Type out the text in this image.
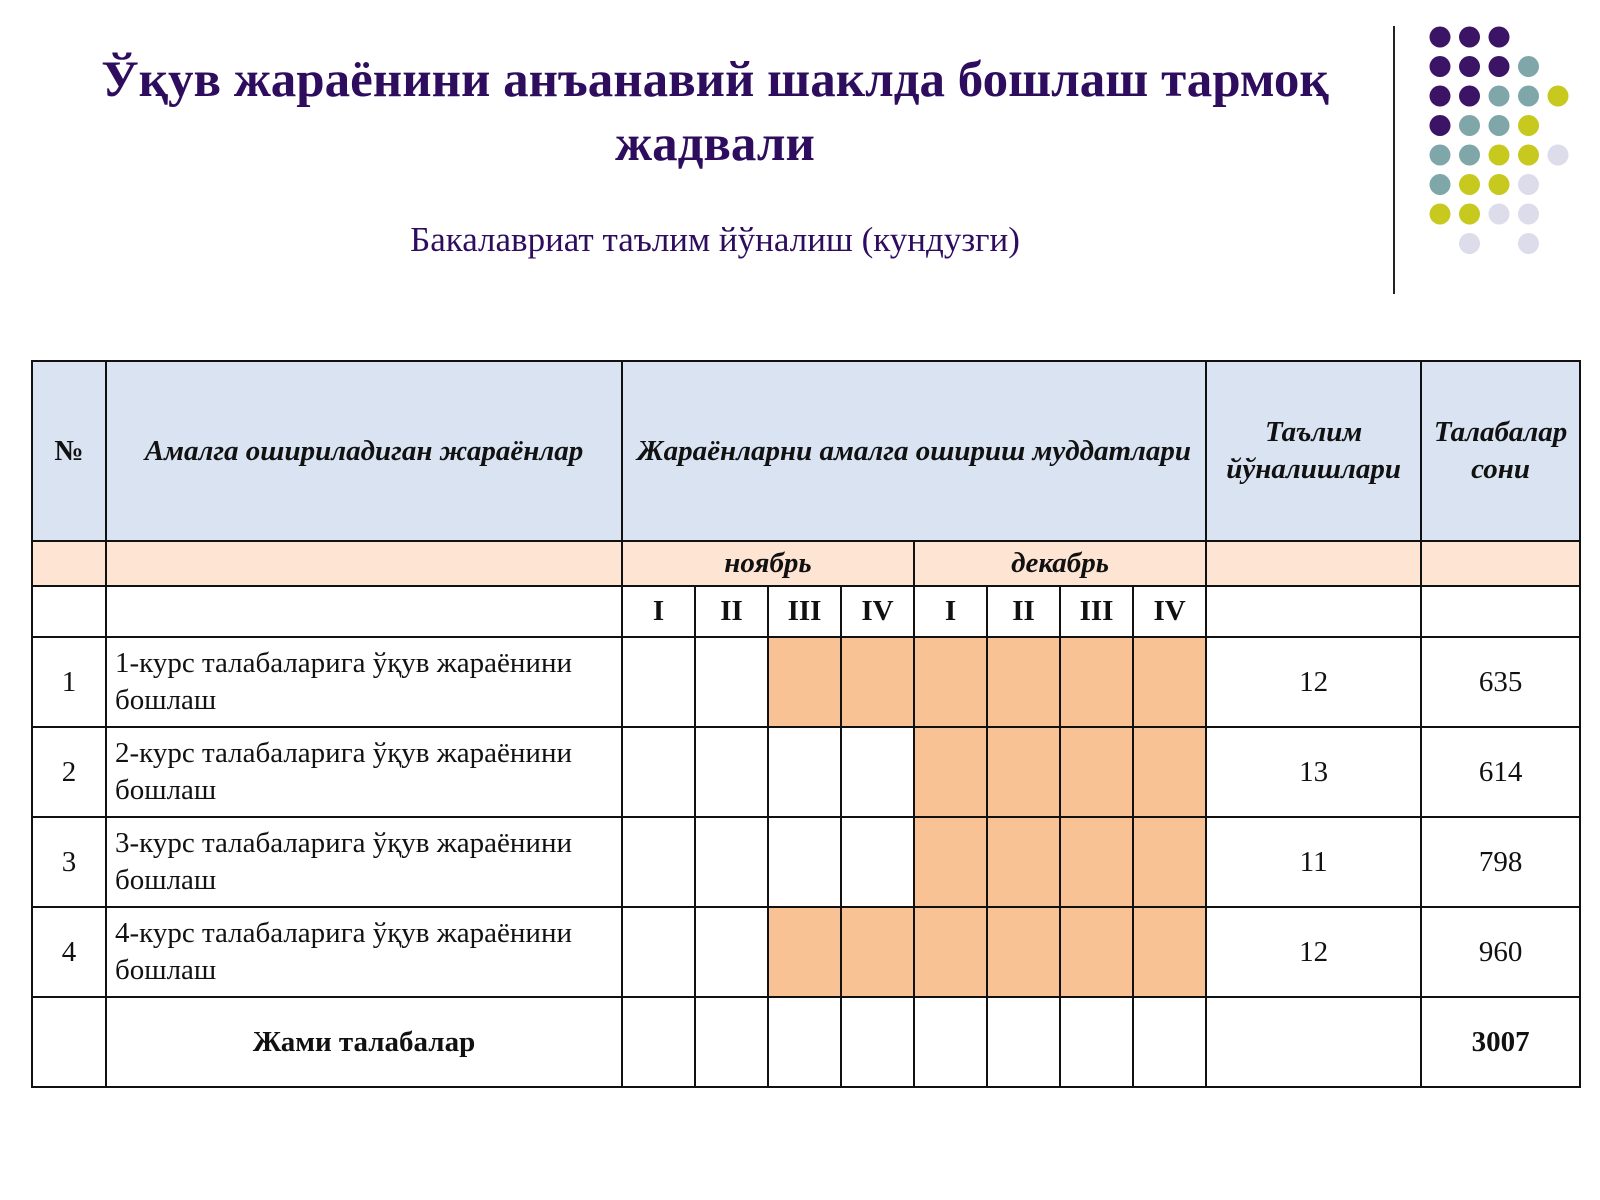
Ўқув жараёнини анъанавий шаклда бошлаш тармоқ жадвали

Бакалавриат таълим йўналиш (кундузги)

№	Амалга ошириладиган жараёнлар	Жараёнларни амалга ошириш муддатлари								Таълим йўналишлари	Талабалар сони
		ноябрь				декабрь					
		I	II	III	IV	I	II	III	IV		
1	1-курс талабаларига ўқув жараёнини бошлаш									12	635
2	2-курс талабаларига ўқув жараёнини бошлаш									13	614
3	3-курс талабаларига ўқув жараёнини бошлаш									11	798
4	4-курс талабаларига ўқув жараёнини бошлаш									12	960
	Жами талабалар										3007
